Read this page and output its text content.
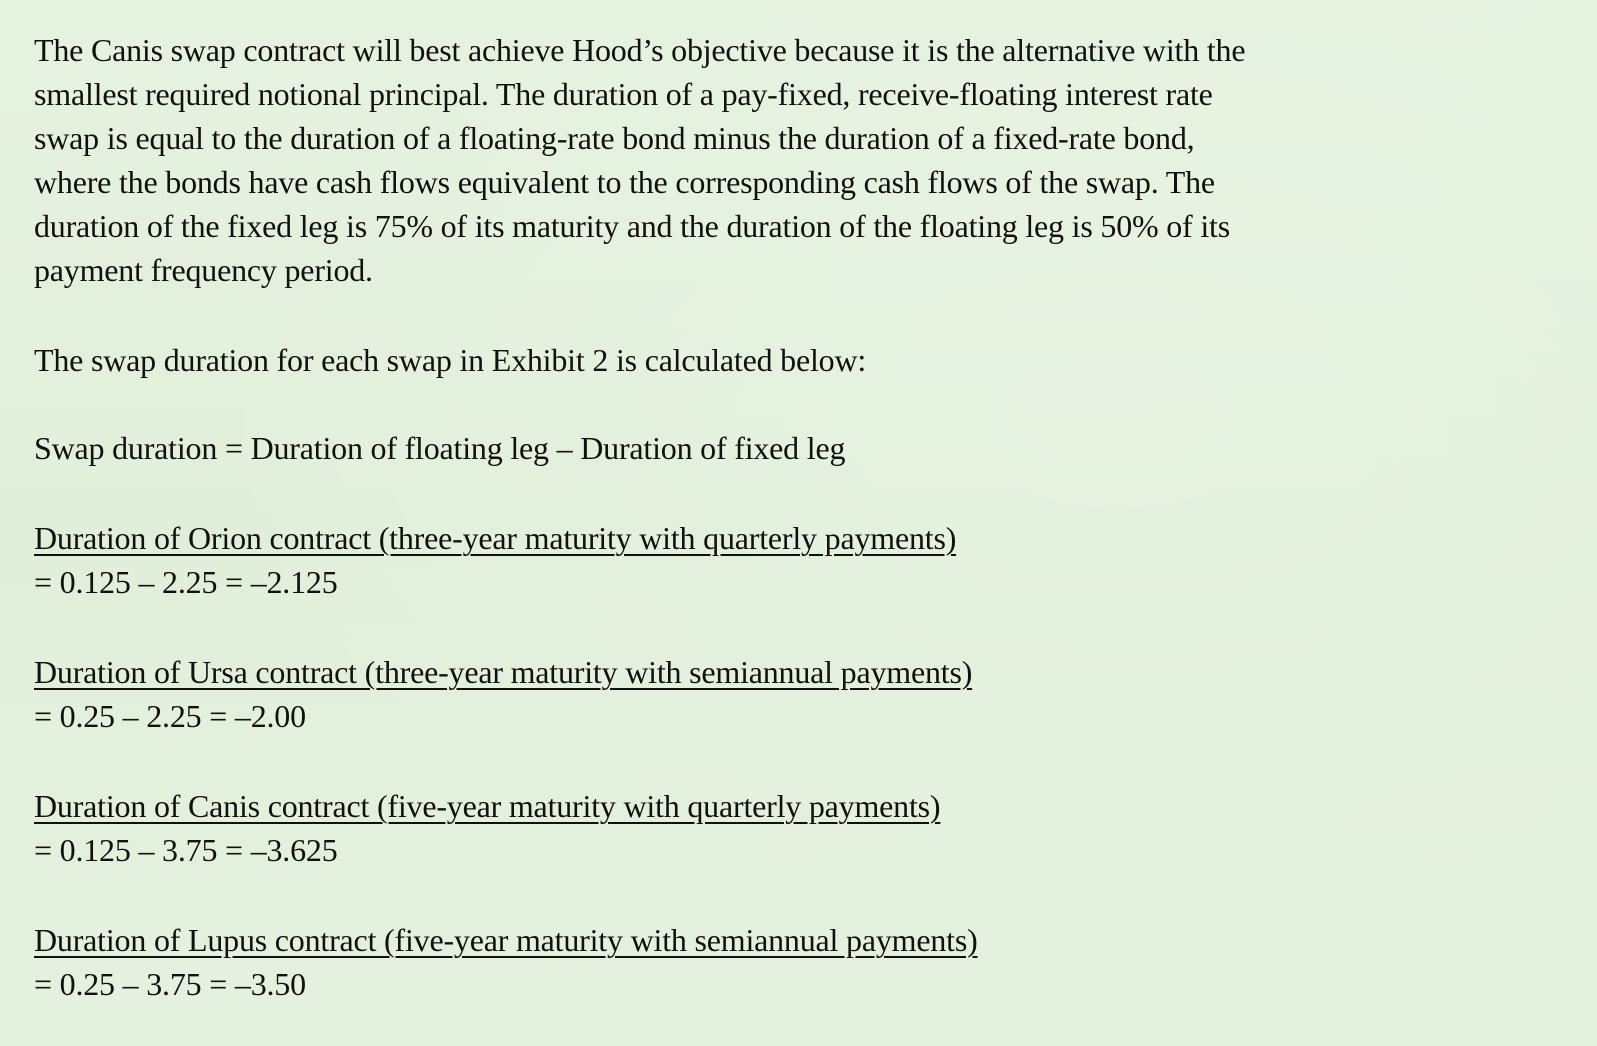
The Canis swap contract will best achieve Hood’s objective because it is the alternative with the
smallest required notional principal. The duration of a pay-fixed, receive-floating interest rate
swap is equal to the duration of a floating-rate bond minus the duration of a fixed-rate bond,
where the bonds have cash flows equivalent to the corresponding cash flows of the swap. The
duration of the fixed leg is 75% of its maturity and the duration of the floating leg is 50% of its
payment frequency period.

The swap duration for each swap in Exhibit 2 is calculated below:

Swap duration = Duration of floating leg – Duration of fixed leg

Duration of Orion contract (three-year maturity with quarterly payments)
= 0.125 – 2.25 = –2.125
Duration of Ursa contract (three-year maturity with semiannual payments)
= 0.25 – 2.25 = –2.00
Duration of Canis contract (five-year maturity with quarterly payments)
= 0.125 – 3.75 = –3.625
Duration of Lupus contract (five-year maturity with semiannual payments)
= 0.25 – 3.75 = –3.50
